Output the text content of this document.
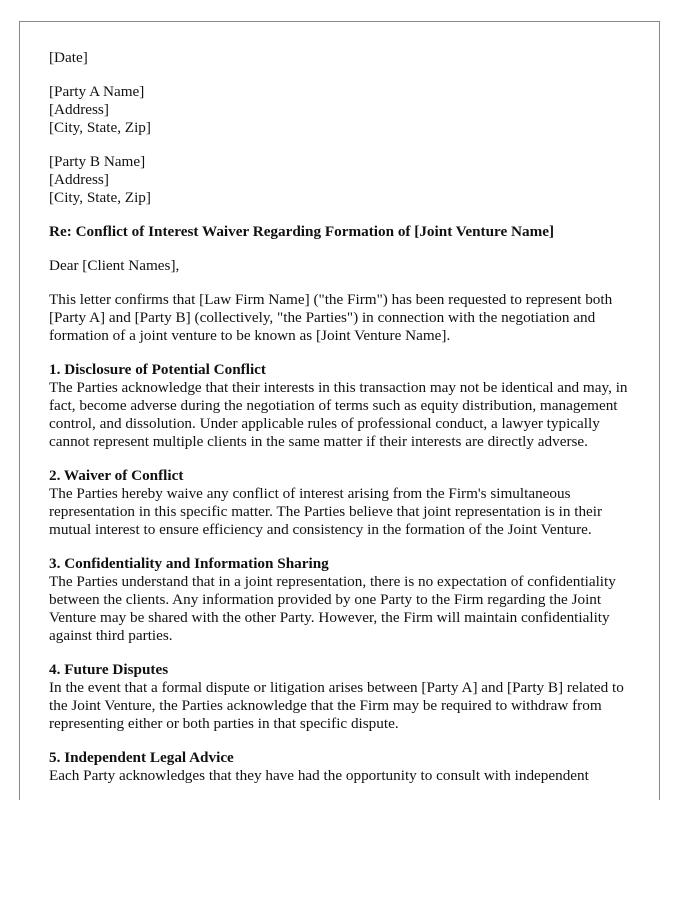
[Date]
[Party A Name]
[Address]
[City, State, Zip]
[Party B Name]
[Address]
[City, State, Zip]

Re: Conflict of Interest Waiver Regarding Formation of [Joint Venture Name]

Dear [Client Names],

This letter confirms that [Law Firm Name] ("the Firm") has been requested to represent both [Party A] and [Party B] (collectively, "the Parties") in connection with the negotiation and formation of a joint venture to be known as [Joint Venture Name].

1. Disclosure of Potential Conflict

The Parties acknowledge that their interests in this transaction may not be identical and may, in fact, become adverse during the negotiation of terms such as equity distribution, management control, and dissolution. Under applicable rules of professional conduct, a lawyer typically cannot represent multiple clients in the same matter if their interests are directly adverse.

2. Waiver of Conflict

The Parties hereby waive any conflict of interest arising from the Firm's simultaneous representation in this specific matter. The Parties believe that joint representation is in their mutual interest to ensure efficiency and consistency in the formation of the Joint Venture.

3. Confidentiality and Information Sharing

The Parties understand that in a joint representation, there is no expectation of confidentiality between the clients. Any information provided by one Party to the Firm regarding the Joint Venture may be shared with the other Party. However, the Firm will maintain confidentiality against third parties.

4. Future Disputes

In the event that a formal dispute or litigation arises between [Party A] and [Party B] related to the Joint Venture, the Parties acknowledge that the Firm may be required to withdraw from representing either or both parties in that specific dispute.

5. Independent Legal Advice

Each Party acknowledges that they have had the opportunity to consult with independent
